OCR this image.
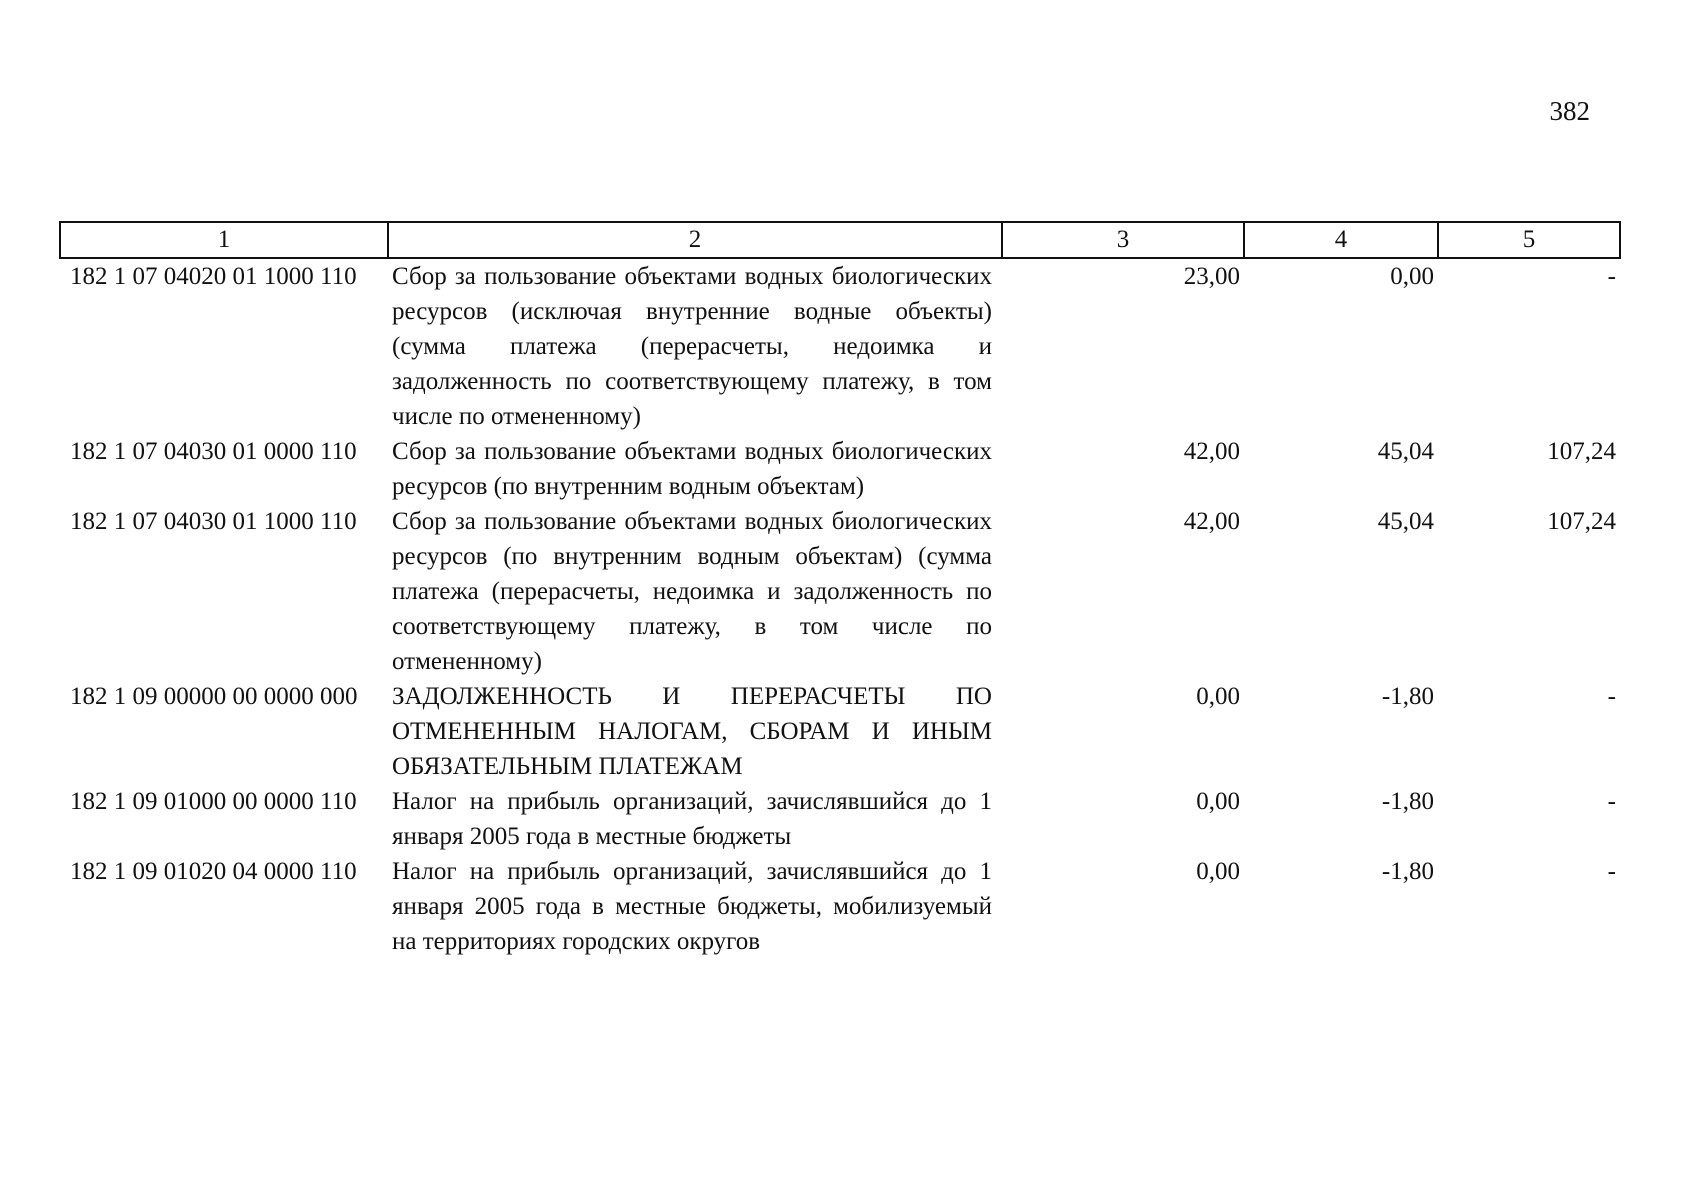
382
1	2	3	4	5
182 1 07 04020 01 1000 110	Сбор за пользование объектами водных биологических ресурсов (исключая внутренние водные объекты) (сумма платежа (перерасчеты, недоимка и задолженность по соответствующему платежу, в том числе по отмененному)	23,00	0,00	-
182 1 07 04030 01 0000 110	Сбор за пользование объектами водных биологических ресурсов (по внутренним водным объектам)	42,00	45,04	107,24
182 1 07 04030 01 1000 110	Сбор за пользование объектами водных биологических ресурсов (по внутренним водным объектам) (сумма платежа (перерасчеты, недоимка и задолженность по соответствующему платежу, в том числе по отмененному)	42,00	45,04	107,24
182 1 09 00000 00 0000 000	ЗАДОЛЖЕННОСТЬ И ПЕРЕРАСЧЕТЫ ПО ОТМЕНЕННЫМ НАЛОГАМ, СБОРАМ И ИНЫМ ОБЯЗАТЕЛЬНЫМ ПЛАТЕЖАМ	0,00	-1,80	-
182 1 09 01000 00 0000 110	Налог на прибыль организаций, зачислявшийся до 1 января 2005 года в местные бюджеты	0,00	-1,80	-
182 1 09 01020 04 0000 110	Налог на прибыль организаций, зачислявшийся до 1 января 2005 года в местные бюджеты, мобилизуемый на территориях городских округов	0,00	-1,80	-
